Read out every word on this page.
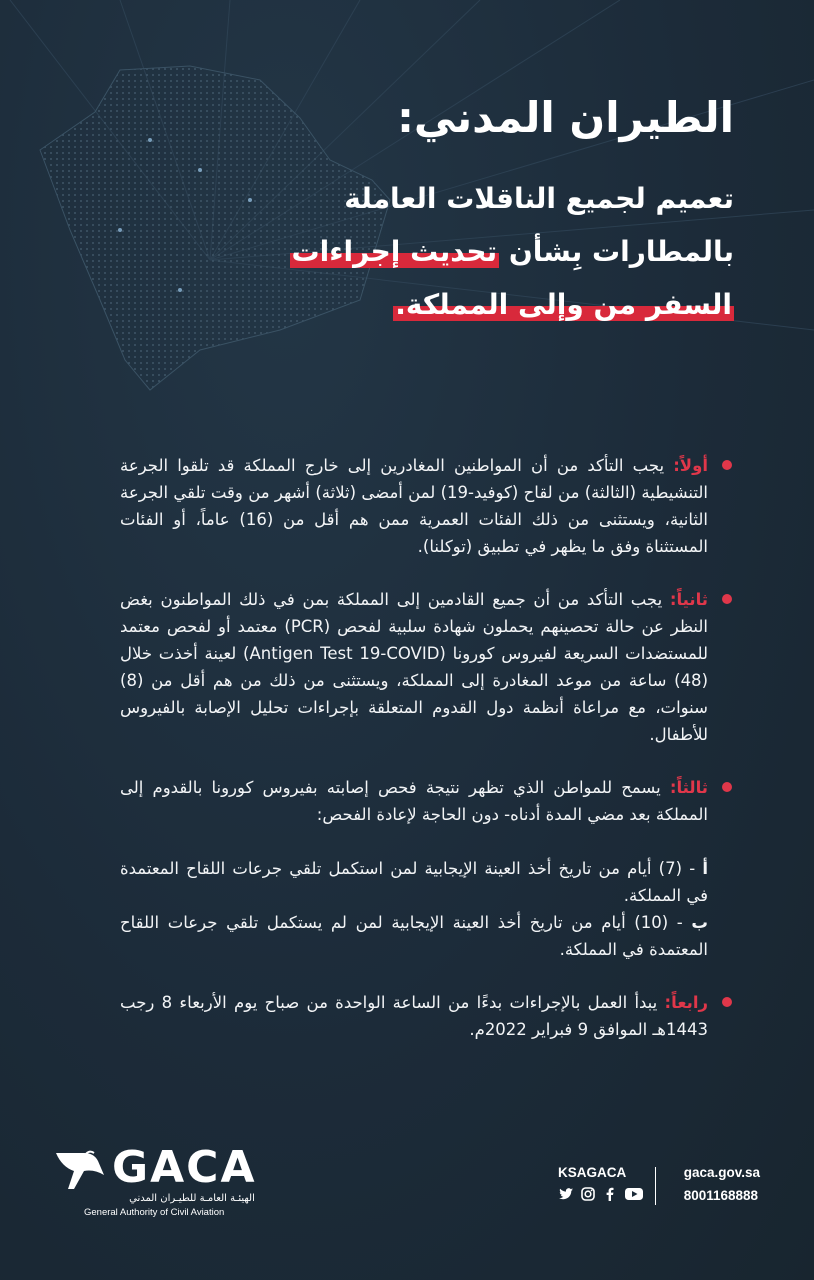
الطيران المدني:
تعميم لجميع الناقلات العاملة
بالمطارات بِشأن تحديث إجراءات
السفر من وإلى المملكة.
أولاً: يجب التأكد من أن المواطنين المغادرين إلى خارج المملكة قد تلقوا الجرعة التنشيطية (الثالثة) من لقاح (كوفيد-19) لمن أمضى (ثلاثة) أشهر من وقت تلقي الجرعة الثانية، ويستثنى من ذلك الفئات العمرية ممن هم أقل من (16) عاماً، أو الفئات المستثناة وفق ما يظهر في تطبيق (توكلنا).
ثانياً: يجب التأكد من أن جميع القادمين إلى المملكة بمن في ذلك المواطنون بغض النظر عن حالة تحصينهم يحملون شهادة سلبية لفحص (PCR) معتمد أو لفحص معتمد للمستضدات السريعة لفيروس كورونا (Antigen Test 19-COVID) لعينة أخذت خلال (48) ساعة من موعد المغادرة إلى المملكة، ويستثنى من ذلك من هم أقل من (8) سنوات، مع مراعاة أنظمة دول القدوم المتعلقة بإجراءات تحليل الإصابة بالفيروس للأطفال.
ثالثاً: يسمح للمواطن الذي تظهر نتيجة فحص إصابته بفيروس كورونا بالقدوم إلى المملكة بعد مضي المدة أدناه- دون الحاجة لإعادة الفحص:

أ - (7) أيام من تاريخ أخذ العينة الإيجابية لمن استكمل تلقي جرعات اللقاح المعتمدة في المملكة.

ب - (10) أيام من تاريخ أخذ العينة الإيجابية لمن لم يستكمل تلقي جرعات اللقاح المعتمدة في المملكة.

رابعاً: يبدأ العمل بالإجراءات بدءًا من الساعة الواحدة من صباح يوم الأربعاء 8 رجب 1443هـ الموافق 9 فبراير 2022م.
GACA
الهيئـة العامـة للطيـران المدني
General Authority of Civil Aviation
KSAGACA	gaca.gov.sa
8001168888
